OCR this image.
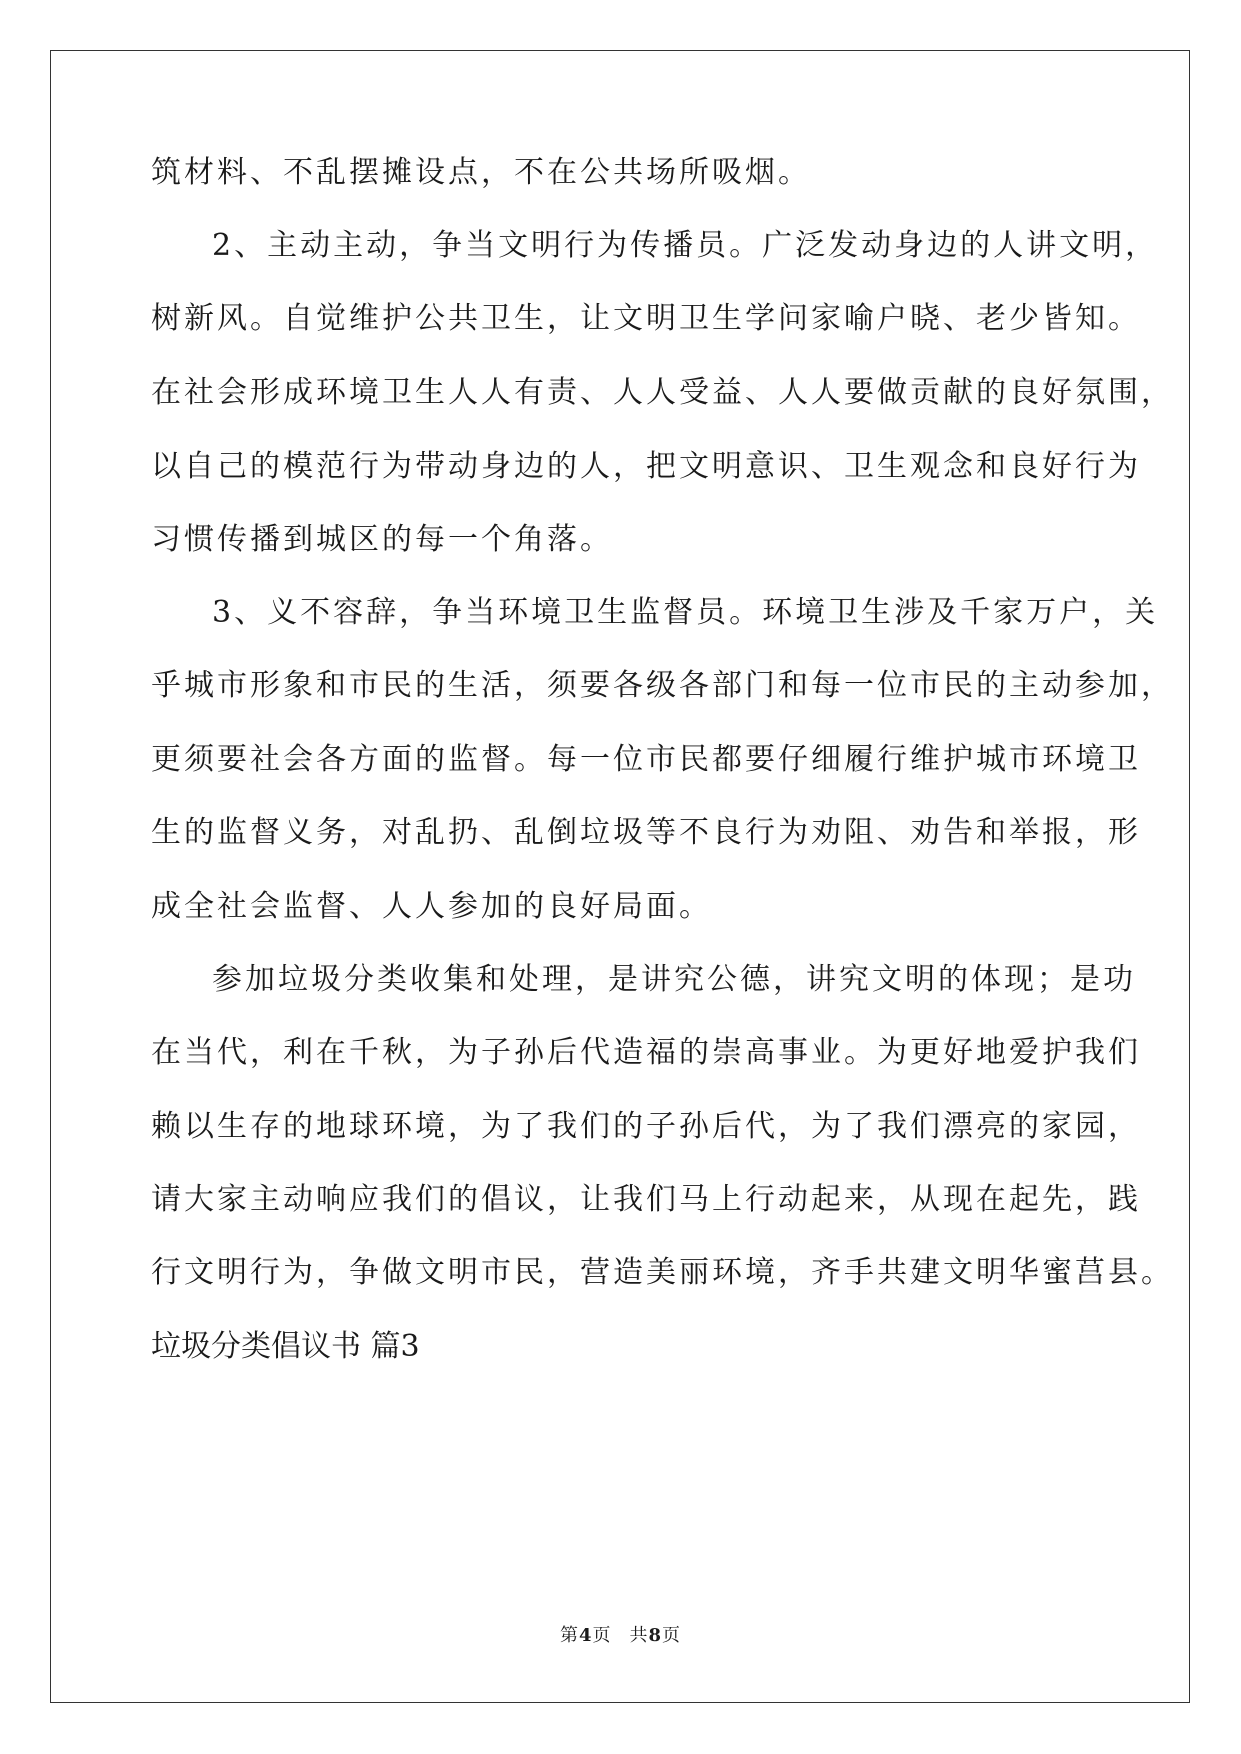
筑材料、不乱摆摊设点，不在公共场所吸烟。
2、主动主动，争当文明行为传播员。广泛发动身边的人讲文明，
树新风。自觉维护公共卫生，让文明卫生学问家喻户晓、老少皆知。
在社会形成环境卫生人人有责、人人受益、人人要做贡献的良好氛围，
以自己的模范行为带动身边的人，把文明意识、卫生观念和良好行为
习惯传播到城区的每一个角落。
3、义不容辞，争当环境卫生监督员。环境卫生涉及千家万户，关
乎城市形象和市民的生活，须要各级各部门和每一位市民的主动参加，
更须要社会各方面的监督。每一位市民都要仔细履行维护城市环境卫
生的监督义务，对乱扔、乱倒垃圾等不良行为劝阻、劝告和举报，形
成全社会监督、人人参加的良好局面。
参加垃圾分类收集和处理，是讲究公德，讲究文明的体现；是功
在当代，利在千秋，为子孙后代造福的崇高事业。为更好地爱护我们
赖以生存的地球环境，为了我们的子孙后代，为了我们漂亮的家园，
请大家主动响应我们的倡议，让我们马上行动起来，从现在起先，践
行文明行为，争做文明市民，营造美丽环境，齐手共建文明华蜜莒县。
垃圾分类倡议书 篇3
第4页 共8页
